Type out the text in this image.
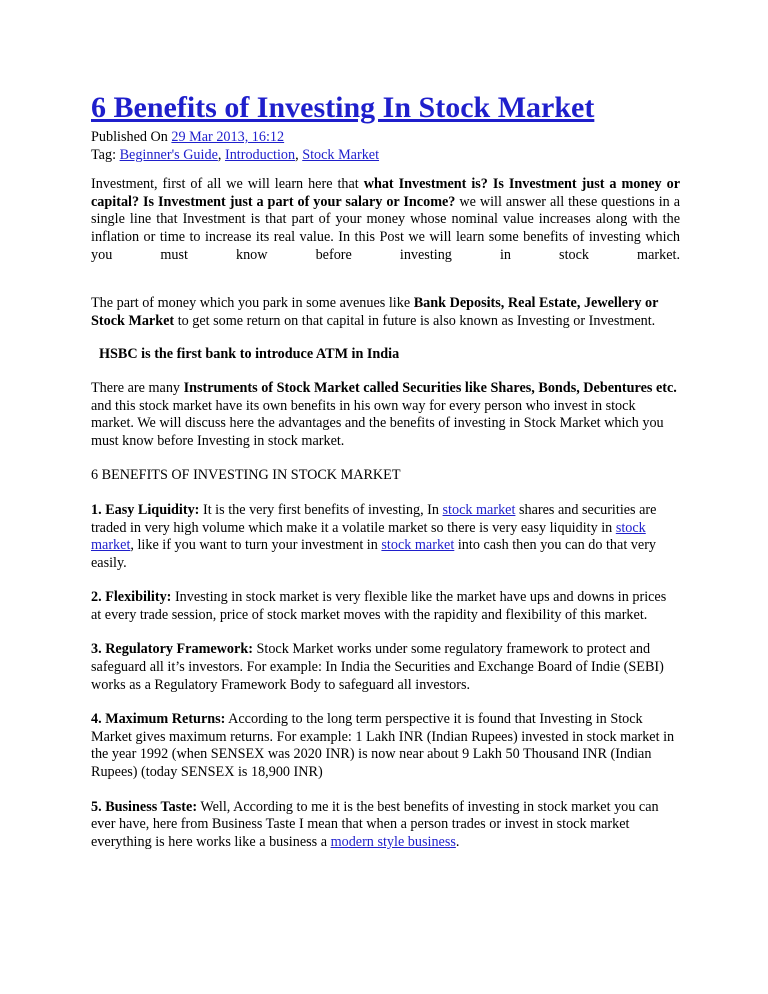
6 Benefits of Investing In Stock Market
Published On 29 Mar 2013, 16:12
Tag: Beginner's Guide, Introduction, Stock Market

Investment, first of all we will learn here that what Investment is? Is Investment just a money or capital? Is Investment just a part of your salary or Income? we will answer all these questions in a single line that Investment is that part of your money whose nominal value increases along with the inflation or time to increase its real value. In this Post we will learn some benefits of investing which you must know before investing in stock market.

The part of money which you park in some avenues like Bank Deposits, Real Estate, Jewellery or Stock Market to get some return on that capital in future is also known as Investing or Investment.

HSBC is the first bank to introduce ATM in India

There are many Instruments of Stock Market called Securities like Shares, Bonds, Debentures etc. and this stock market have its own benefits in his own way for every person who invest in stock market. We will discuss here the advantages and the benefits of investing in Stock Market which you must know before Investing in stock market.

6 BENEFITS OF INVESTING IN STOCK MARKET

1. Easy Liquidity: It is the very first benefits of investing, In stock market shares and securities are traded in very high volume which make it a volatile market so there is very easy liquidity in stock market, like if you want to turn your investment in stock market into cash then you can do that very easily.

2. Flexibility: Investing in stock market is very flexible like the market have ups and downs in prices at every trade session, price of stock market moves with the rapidity and flexibility of this market.

3. Regulatory Framework: Stock Market works under some regulatory framework to protect and safeguard all it’s investors. For example: In India the Securities and Exchange Board of Indie (SEBI) works as a Regulatory Framework Body to safeguard all investors.

4. Maximum Returns: According to the long term perspective it is found that Investing in Stock Market gives maximum returns. For example: 1 Lakh INR (Indian Rupees) invested in stock market in the year 1992 (when SENSEX was 2020 INR) is now near about 9 Lakh 50 Thousand INR (Indian Rupees) (today SENSEX is 18,900 INR)

5. Business Taste: Well, According to me it is the best benefits of investing in stock market you can ever have, here from Business Taste I mean that when a person trades or invest in stock market everything is here works like a business a modern style business.
